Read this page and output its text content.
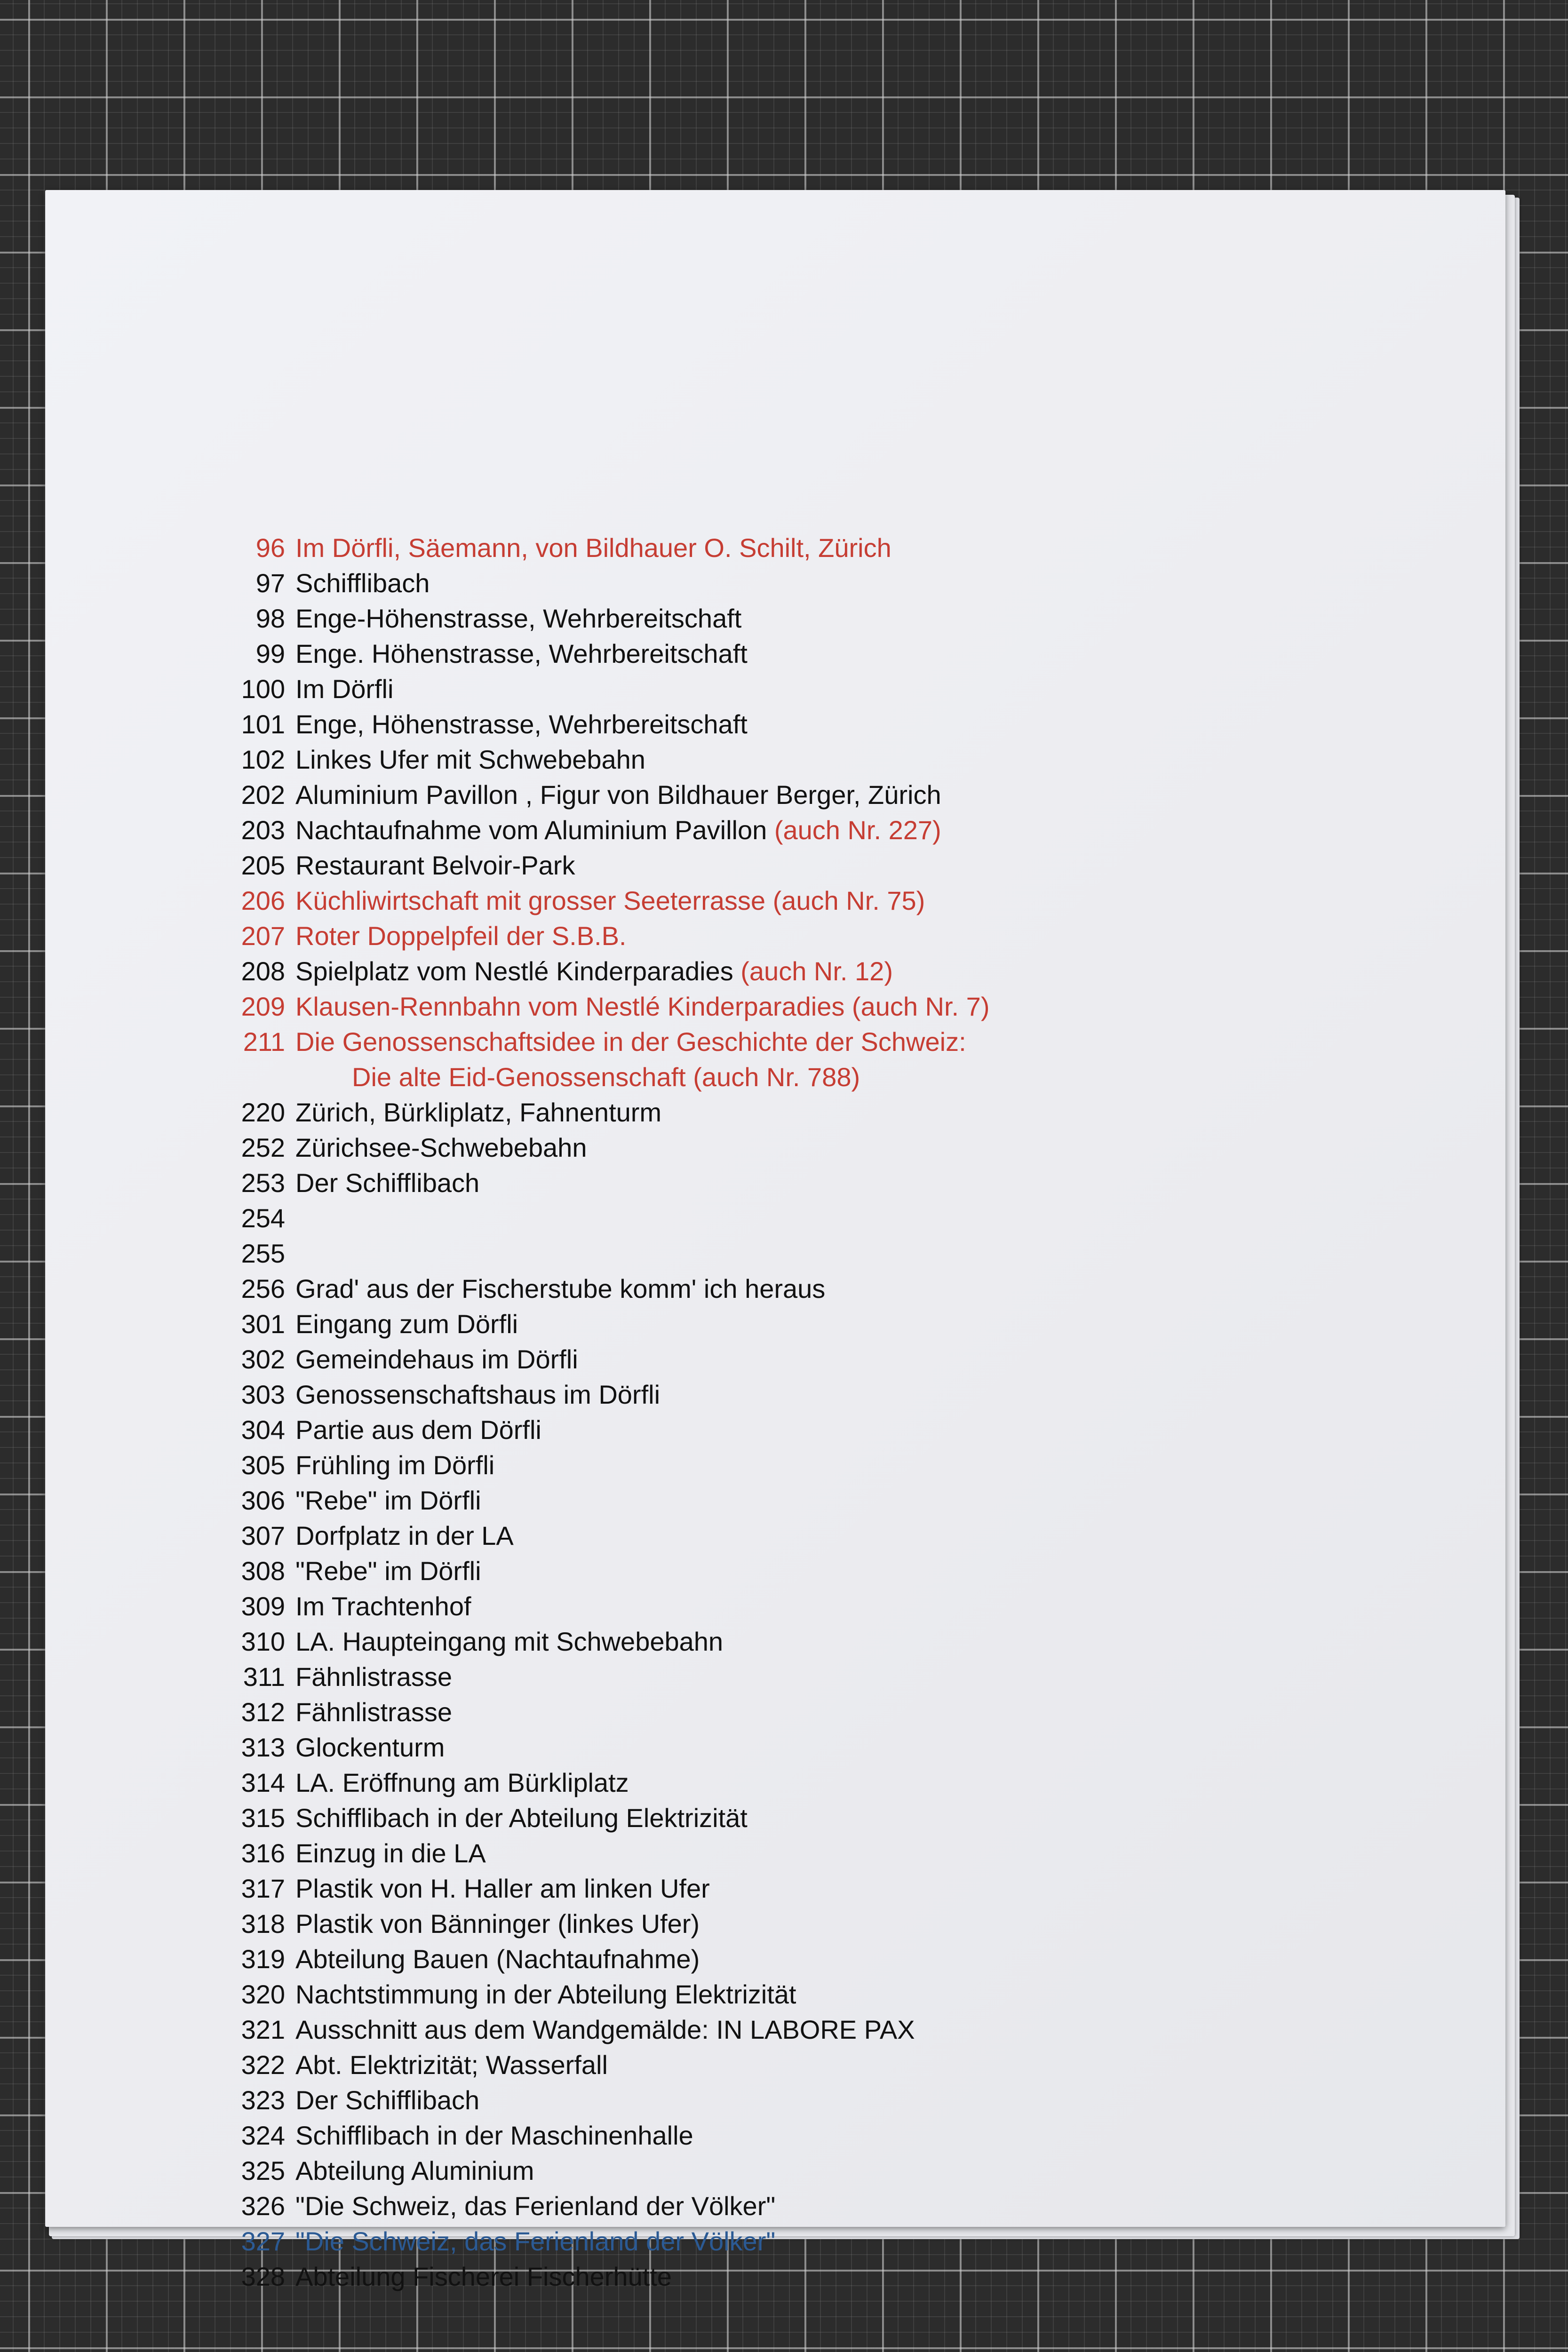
96 Im Dörfli, Säemann, von Bildhauer O. Schilt, Zürich
97 Schifflibach
98 Enge-Höhenstrasse, Wehrbereitschaft
99 Enge. Höhenstrasse, Wehrbereitschaft
100 Im Dörfli
101 Enge, Höhenstrasse, Wehrbereitschaft
102 Linkes Ufer mit Schwebebahn
202 Aluminium Pavillon , Figur von Bildhauer Berger, Zürich
203 Nachtaufnahme vom Aluminium Pavillon (auch Nr. 227)
205 Restaurant Belvoir-Park
206 Küchliwirtschaft mit grosser Seeterrasse (auch Nr. 75)
207 Roter Doppelpfeil der S.B.B.
208 Spielplatz vom Nestlé Kinderparadies (auch Nr. 12)
209 Klausen-Rennbahn vom Nestlé Kinderparadies (auch Nr. 7)
211 Die Genossenschaftsidee in der Geschichte der Schweiz:
Die alte Eid-Genossenschaft (auch Nr. 788)
220 Zürich, Bürkliplatz, Fahnenturm
252 Zürichsee-Schwebebahn
253 Der Schifflibach
254
255
256 Grad' aus der Fischerstube komm' ich heraus
301 Eingang zum Dörfli
302 Gemeindehaus im Dörfli
303 Genossenschaftshaus im Dörfli
304 Partie aus dem Dörfli
305 Frühling im Dörfli
306 "Rebe" im Dörfli
307 Dorfplatz in der LA
308 "Rebe" im Dörfli
309 Im Trachtenhof
310 LA. Haupteingang mit Schwebebahn
311 Fähnlistrasse
312 Fähnlistrasse
313 Glockenturm
314 LA. Eröffnung am Bürkliplatz
315 Schifflibach in der Abteilung Elektrizität
316 Einzug in die LA
317 Plastik von H. Haller am linken Ufer
318 Plastik von Bänninger (linkes Ufer)
319 Abteilung Bauen (Nachtaufnahme)
320 Nachtstimmung in der Abteilung Elektrizität
321 Ausschnitt aus dem Wandgemälde: IN LABORE PAX
322 Abt. Elektrizität; Wasserfall
323 Der Schifflibach
324 Schifflibach in der Maschinenhalle
325 Abteilung Aluminium
326 "Die Schweiz, das Ferienland der Völker"
327 "Die Schweiz, das Ferienland der Völker"
328 Abteilung Fischerei Fischerhütte
